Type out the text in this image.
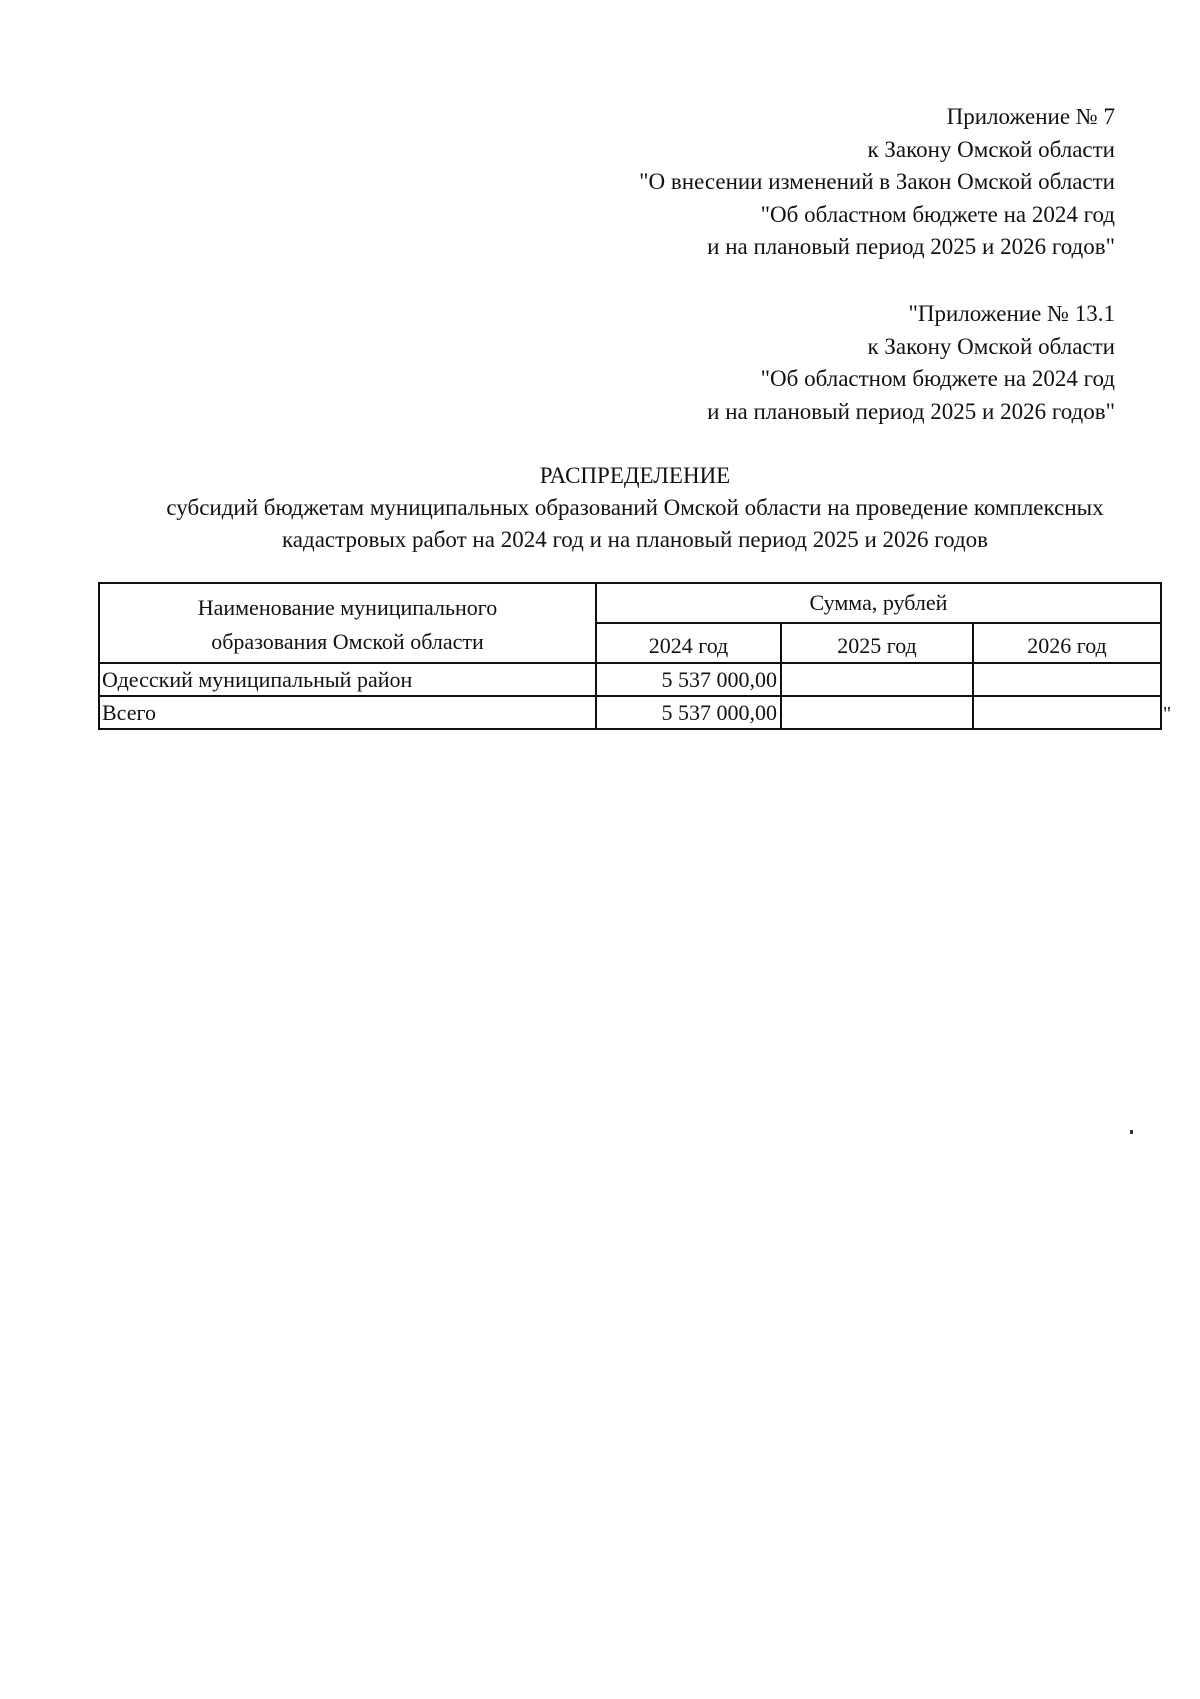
Приложение № 7
к Закону Омской области
"О внесении изменений в Закон Омской области
"Об областном бюджете на 2024 год
и на плановый период 2025 и 2026 годов"
"Приложение № 13.1
к Закону Омской области
"Об областном бюджете на 2024 год
и на плановый период 2025 и 2026 годов"
РАСПРЕДЕЛЕНИЕ
субсидий бюджетам муниципальных образований Омской области на проведение комплексных
кадастровых работ на 2024 год и на плановый период 2025 и 2026 годов
Наименование муниципального
образования Омской области	Сумма, рублей		
	2024 год	2025 год	2026 год
Одесский муниципальный район	5 537 000,00		
Всего	5 537 000,00			"
